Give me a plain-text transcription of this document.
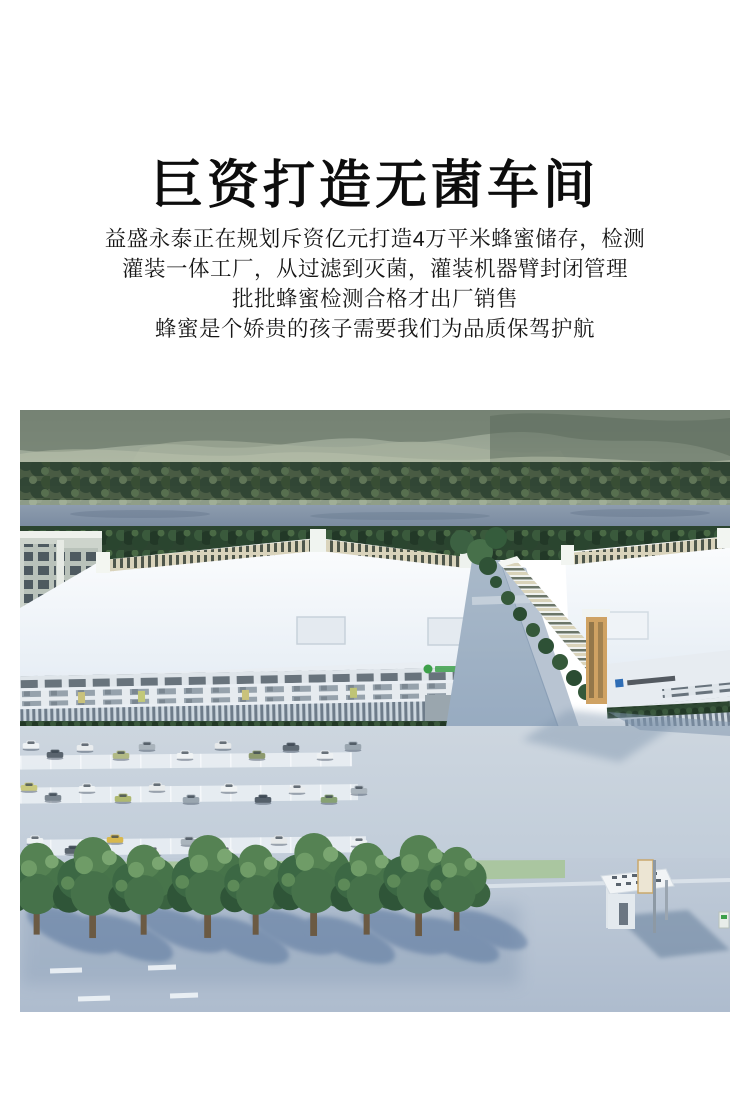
巨资打造无菌车间

益盛永泰正在规划斥资亿元打造4万平米蜂蜜储存，检测

灌装一体工厂，从过滤到灭菌，灌装机器臂封闭管理

批批蜂蜜检测合格才出厂销售

蜂蜜是个娇贵的孩子需要我们为品质保驾护航
